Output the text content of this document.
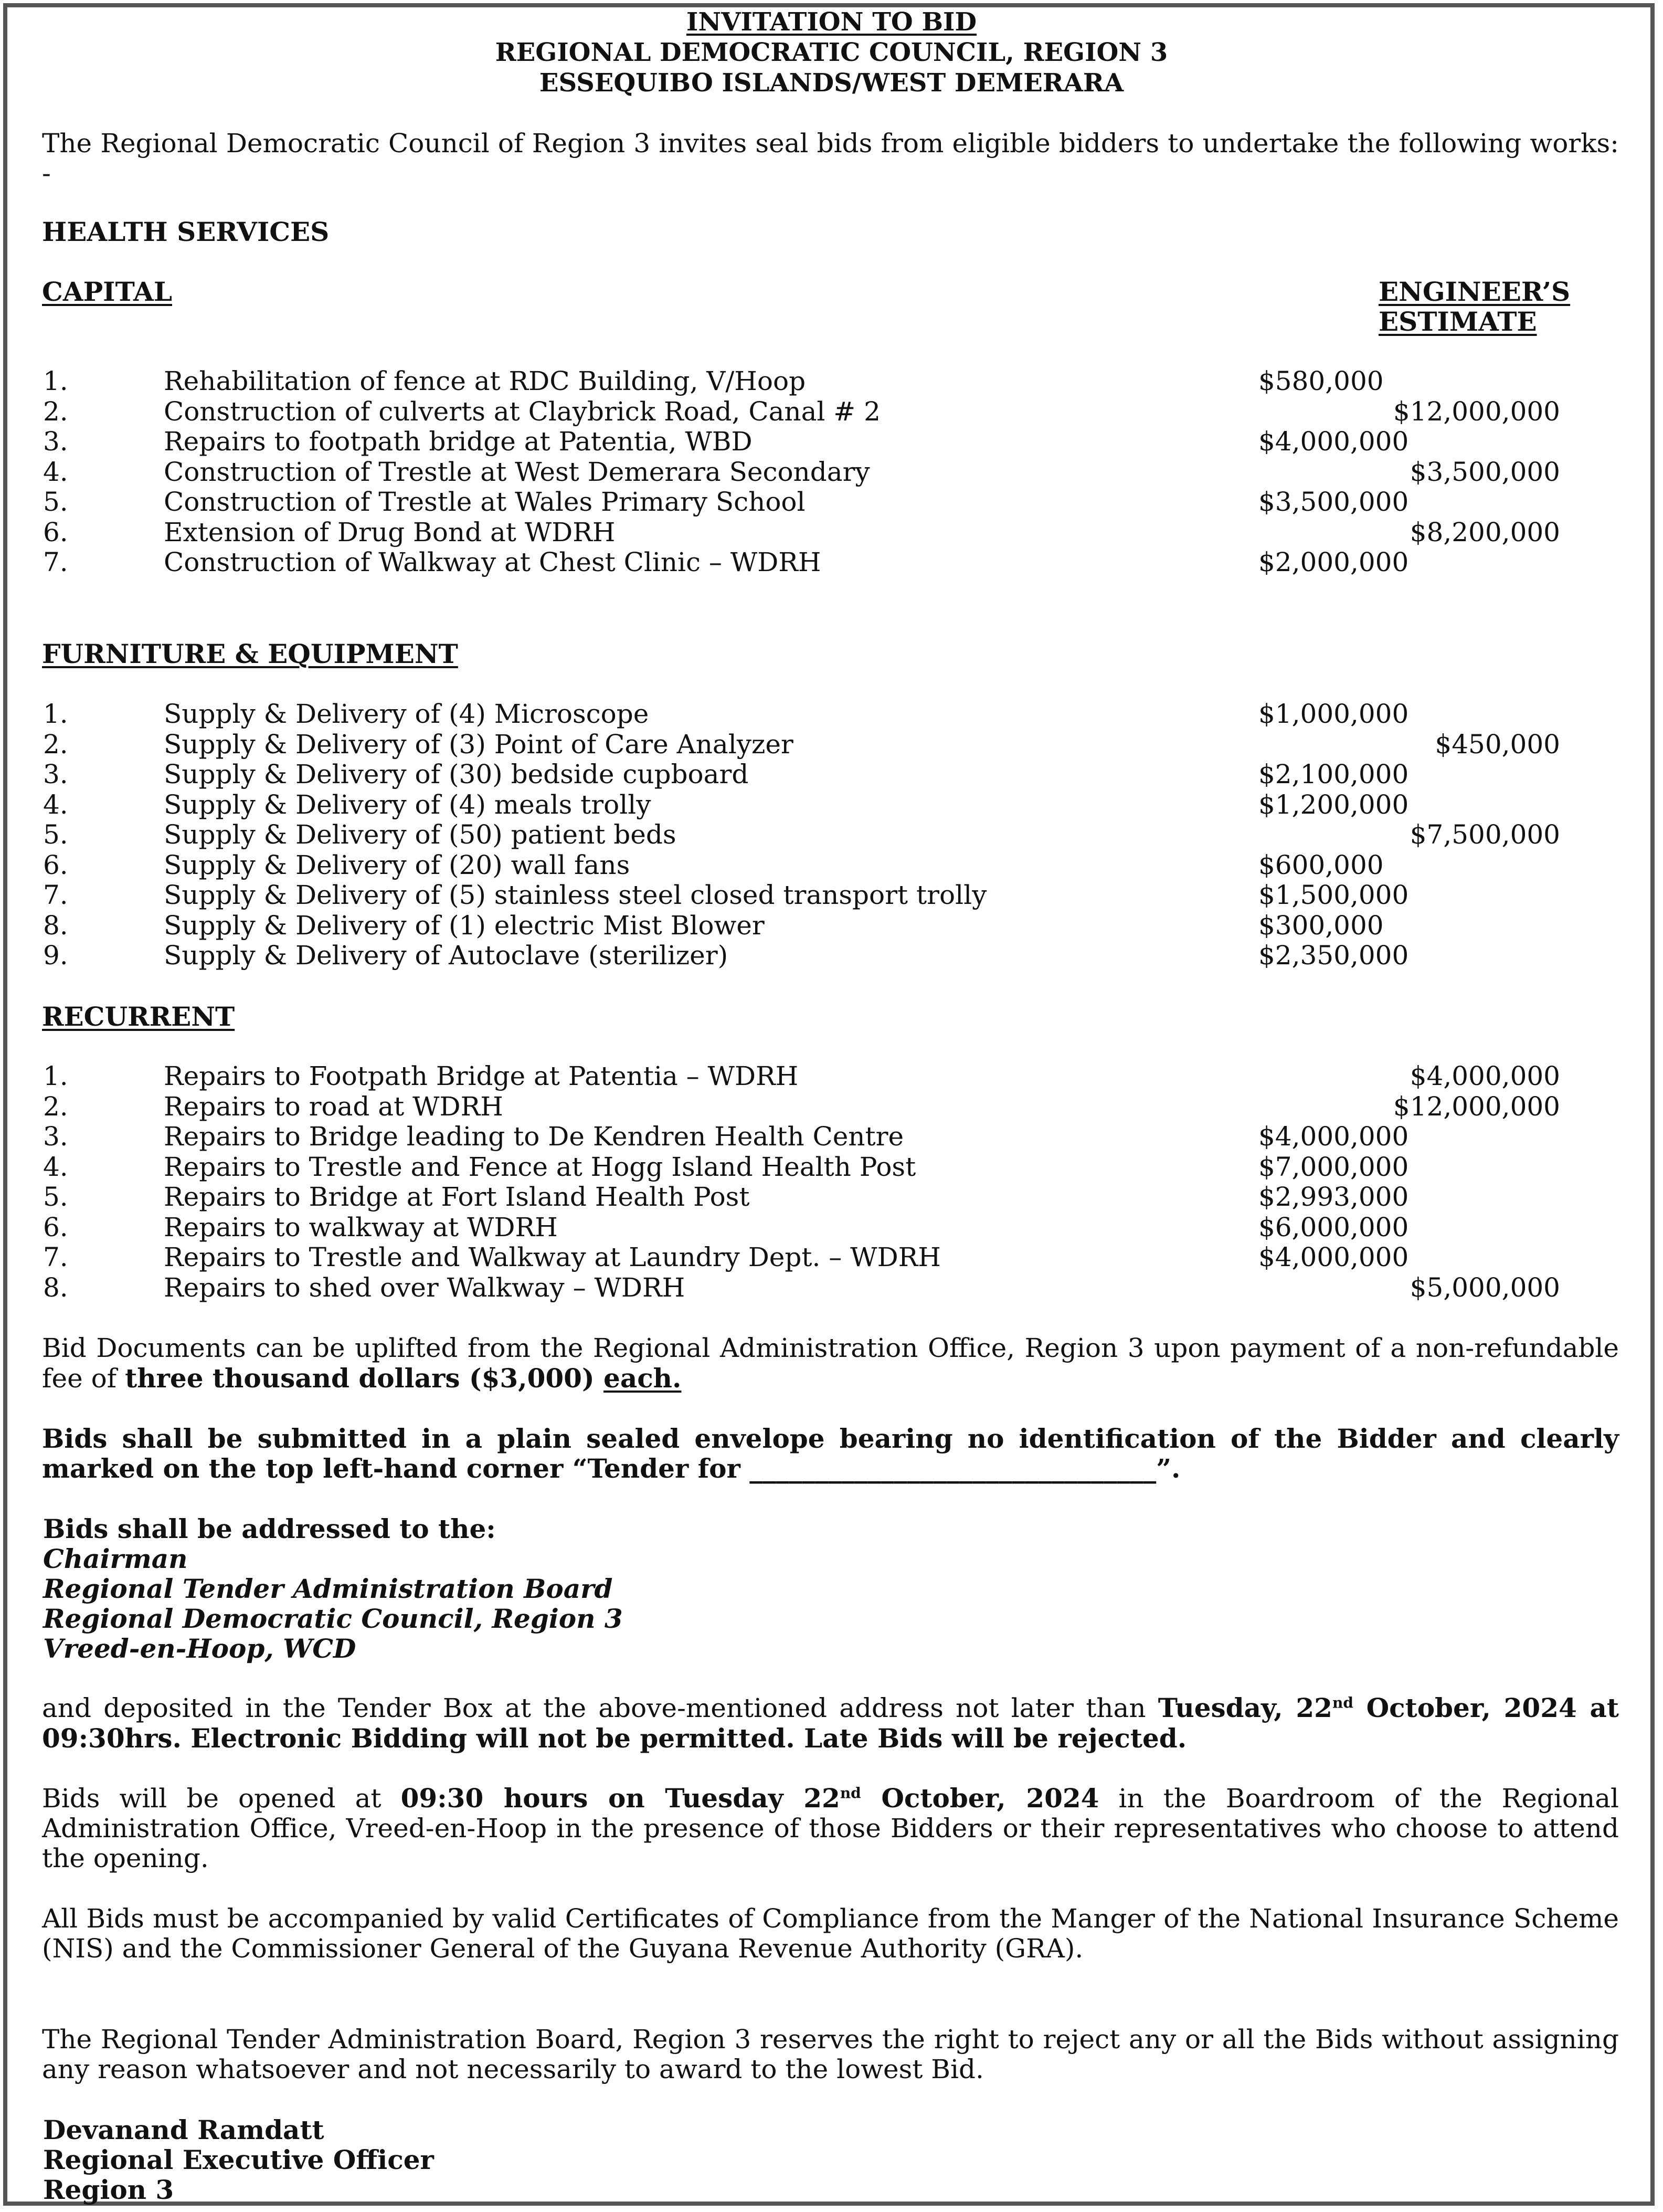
INVITATION TO BID
REGIONAL DEMOCRATIC COUNCIL, REGION 3
ESSEQUIBO ISLANDS/WEST DEMERARA
The Regional Democratic Council of Region 3 invites seal bids from eligible bidders to undertake the following works: -
HEALTH SERVICES
CAPITAL	ENGINEER’S
ESTIMATE
1.	Rehabilitation of fence at RDC Building, V/Hoop	$580,000
2.	Construction of culverts at Claybrick Road, Canal # 2	$12,000,000
3.	Repairs to footpath bridge at Patentia, WBD	$4,000,000
4.	Construction of Trestle at West Demerara Secondary	$3,500,000
5.	Construction of Trestle at Wales Primary School	$3,500,000
6.	Extension of Drug Bond at WDRH	$8,200,000
7.	Construction of Walkway at Chest Clinic – WDRH	$2,000,000
FURNITURE & EQUIPMENT
1.	Supply & Delivery of (4) Microscope	$1,000,000
2.	Supply & Delivery of (3) Point of Care Analyzer	$450,000
3.	Supply & Delivery of (30) bedside cupboard	$2,100,000
4.	Supply & Delivery of (4) meals trolly	$1,200,000
5.	Supply & Delivery of (50) patient beds	$7,500,000
6.	Supply & Delivery of (20) wall fans	$600,000
7.	Supply & Delivery of (5) stainless steel closed transport trolly	$1,500,000
8.	Supply & Delivery of (1) electric Mist Blower	$300,000
9.	Supply & Delivery of Autoclave (sterilizer)	$2,350,000
RECURRENT
1.	Repairs to Footpath Bridge at Patentia – WDRH	$4,000,000
2.	Repairs to road at WDRH	$12,000,000
3.	Repairs to Bridge leading to De Kendren Health Centre	$4,000,000
4.	Repairs to Trestle and Fence at Hogg Island Health Post	$7,000,000
5.	Repairs to Bridge at Fort Island Health Post	$2,993,000
6.	Repairs to walkway at WDRH	$6,000,000
7.	Repairs to Trestle and Walkway at Laundry Dept. – WDRH	$4,000,000
8.	Repairs to shed over Walkway – WDRH	$5,000,000
Bid Documents can be uplifted from the Regional Administration Office, Region 3 upon payment of a non-refundable fee of three thousand dollars ($3,000) each.
Bids shall be submitted in a plain sealed envelope bearing no identification of the Bidder and clearly marked on the top left-hand corner “Tender for _______________________________”.
Bids shall be addressed to the:
Chairman
Regional Tender Administration Board
Regional Democratic Council, Region 3
Vreed-en-Hoop, WCD
and deposited in the Tender Box at the above-mentioned address not later than Tuesday, 22nd October, 2024 at 09:30hrs. Electronic Bidding will not be permitted. Late Bids will be rejected.
Bids will be opened at 09:30 hours on Tuesday 22nd October, 2024 in the Boardroom of the Regional Administration Office, Vreed-en-Hoop in the presence of those Bidders or their representatives who choose to attend the opening.
All Bids must be accompanied by valid Certificates of Compliance from the Manger of the National Insurance Scheme (NIS) and the Commissioner General of the Guyana Revenue Authority (GRA).
The Regional Tender Administration Board, Region 3 reserves the right to reject any or all the Bids without assigning any reason whatsoever and not necessarily to award to the lowest Bid.
Devanand Ramdatt
Regional Executive Officer
Region 3
